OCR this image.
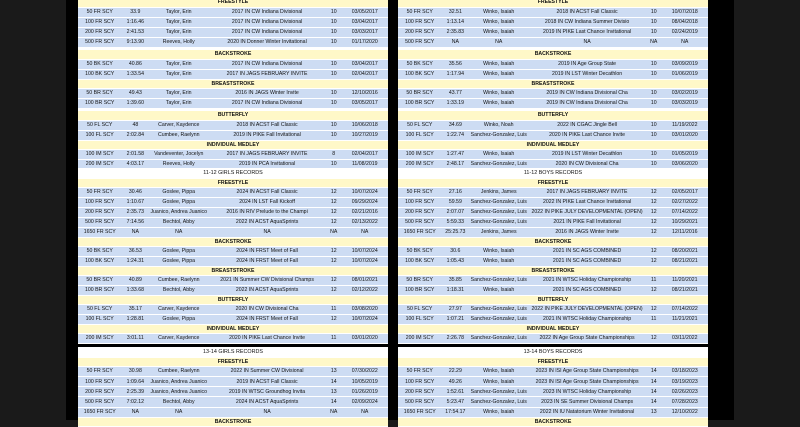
FREESTYLE					
50 FR SCY	33.9	Taylor, Erin	2017 IN CW Indiana Divisional	10	03/05/2017
100 FR SCY	1:16.46	Taylor, Erin	2017 IN CW Indiana Divisional	10	03/04/2017
200 FR SCY	2:41.53	Taylor, Erin	2017 IN CW Indiana Divisional	10	03/03/2017
500 FR SCY	9:13.90	Reeves, Holly	2020 IN Donner Winter Invitational	10	01/17/2020

BACKSTROKE					
50 BK SCY	40.86	Taylor, Erin	2017 IN CW Indiana Divisional	10	03/04/2017
100 BK SCY	1:33.54	Taylor, Erin	2017 IN JAGS FEBRUARY INVITE	10	02/04/2017
BREASTSTROKE					
50 BR SCY	49.43	Taylor, Erin	2016 IN JAGS Winter Invite	10	12/10/2016
100 BR SCY	1:39.60	Taylor, Erin	2017 IN CW Indiana Divisional	10	03/05/2017

BUTTERFLY					
50 FL SCY	48	Carver, Kaydence	2018 IN ACST Fall Classic	10	10/06/2018
100 FL SCY	2:02.84	Cumbee, Raelynn	2019 IN PIKE Fall Invitational	10	10/27/2019
INDIVIDUAL MEDLEY					
100 IM SCY	2:01.58	Vandeventer, Jocelyn	2017 IN JAGS FEBRUARY INVITE	8	02/04/2017
200 IM SCY	4:03.17	Reeves, Holly	2019 IN PCA Invitational	10	11/08/2019
FREESTYLE					
50 FR SCY	32.51	Winko, Isaiah	2018 IN ACST Fall Classic	10	10/07/2018
100 FR SCY	1:13.14	Winko, Isaiah	2018 IN CW Indiana Summer Divisio	10	08/04/2018
200 FR SCY	2:35.83	Winko, Isaiah	2019 IN PIKE Last Chance Invitational	10	02/24/2019
500 FR SCY	NA	NA	NA	NA	NA

BACKSTROKE					
50 BK SCY	35.56	Winko, Isaiah	2019 IN Age Group State	10	03/09/2019
100 BK SCY	1:17.94	Winko, Isaiah	2019 IN LST Winter Decathlon	10	01/06/2019
BREASTSTROKE					
50 BR SCY	43.77	Winko, Isaiah	2019 IN CW Indiana Divisional Cha	10	03/02/2019
100 BR SCY	1:33.19	Winko, Isaiah	2019 IN CW Indiana Divisional Cha	10	03/03/2019

BUTTERFLY					
50 FL SCY	34.69	Winko, Noah	2022 IN CGAC Jingle Bell	10	11/19/2022
100 FL SCY	1:22.74	Sanchez-Gonzalez, Luis	2020 IN PIKE Last Chance Invite	10	03/01/2020
INDIVIDUAL MEDLEY					
100 IM SCY	1:27.47	Winko, Isaiah	2019 IN LST Winter Decathlon	10	01/05/2019
200 IM SCY	2:48.17	Sanchez-Gonzalez, Luis	2020 IN CW Divisional Cha	10	03/06/2020
11-12 GIRLS RECORDS					
FREESTYLE					
50 FR SCY	30.46	Goslee, Pippa	2024 IN ACST Fall Classic	12	10/07/2024
100 FR SCY	1:10.67	Goslee, Pippa	2024 IN LST Fall Kickoff	12	09/29/2024
200 FR SCY	2:35.73	Juanico, Andrea Juanico	2016 IN RIV Prelude to the Champi	12	02/21/2016
500 FR SCY	7:14.56	Bechtol, Abby	2022 IN ACST AquaSprints	12	02/13/2022
1650 FR SCY	NA	NA	NA	NA	NA
BACKSTROKE					
50 BK SCY	36.53	Goslee, Pippa	2024 IN FRST Meet of Fall	12	10/07/2024
100 BK SCY	1:24.31	Goslee, Pippa	2024 IN FRST Meet of Fall	12	10/07/2024
BREASTSTROKE					
50 BR SCY	40.89	Cumbee, Raelynn	2021 IN Summer CW Divisional Champs	12	08/01/2021
100 BR SCY	1:33.68	Bechtol, Abby	2022 IN ACST AquaSprints	12	02/12/2022
BUTTERFLY					
50 FL SCY	35.17	Carver, Kaydence	2020 IN CW Divisional Cha	11	03/08/2020
100 FL SCY	1:28.81	Goslee, Pippa	2024 IN FRST Meet of Fall	12	10/07/2024
INDIVIDUAL MEDLEY					
200 IM SCY	3:01.11	Carver, Kaydence	2020 IN PIKE Last Chance Invite	11	03/01/2020
11-12 BOYS RECORDS					
FREESTYLE					
50 FR SCY	27.16	Jenkins, James	2017 IN JAGS FEBRUARY INVITE	12	02/05/2017
100 FR SCY	59.59	Sanchez-Gonzalez, Luis	2022 IN PIKE Last Chance Invitational	12	02/27/2022
200 FR SCY	2:07.07	Sanchez-Gonzalez, Luis	2022 IN PIKE JULY DEVELOPMENTAL (OPEN)	12	07/14/2022
500 FR SCY	5:59.33	Sanchez-Gonzalez, Luis	2021 IN PIKE Fall Invitational	12	10/29/2021
1650 FR SCY	25:25.73	Jenkins, James	2016 IN JAGS Winter Invite	12	12/11/2016
BACKSTROKE					
50 BK SCY	30.6	Winko, Isaiah	2021 IN SC AGS COMBINED	12	08/20/2021
100 BK SCY	1:05.43	Winko, Isaiah	2021 IN SC AGS COMBINED	12	08/21/2021
BREASTSTROKE					
50 BR SCY	35.85	Sanchez-Gonzalez, Luis	2021 IN WTSC Holiday Championship	11	11/20/2021
100 BR SCY	1:18.31	Winko, Isaiah	2021 IN SC AGS COMBINED	12	08/21/2021
BUTTERFLY					
50 FL SCY	27.97	Sanchez-Gonzalez, Luis	2022 IN PIKE JULY DEVELOPMENTAL (OPEN)	12	07/14/2022
100 FL SCY	1:07.21	Sanchez-Gonzalez, Luis	2021 IN WTSC Holiday Championship	11	11/21/2021
INDIVIDUAL MEDLEY					
200 IM SCY	2:26.78	Sanchez-Gonzalez, Luis	2022 IN Age Group State Championships	12	03/11/2022
13-14 GIRLS RECORDS					
FREESTYLE					
50 FR SCY	30.98	Cumbee, Raelynn	2022 IN Summer CW Divisional	13	07/30/2022
100 FR SCY	1:09.64	Juanico, Andrea Juanico	2019 IN ACST Fall Classic	14	10/05/2019
200 FR SCY	2:25.39	Juanico, Andrea Juanico	2019 IN WTSC Groundhog Invita	13	01/26/2019
500 FR SCY	7:02.12	Bechtol, Abby	2024 IN ACST AquaSprints	14	02/09/2024
1650 FR SCY	NA	NA	NA	NA	NA
BACKSTROKE					
13-14 BOYS RECORDS					
FREESTYLE					
50 FR SCY	22.29	Winko, Isaiah	2023 IN ISI Age Group State Championships	14	03/18/2023
100 FR SCY	49.26	Winko, Isaiah	2023 IN ISI Age Group State Championships	14	03/19/2023
200 FR SCY	1:52.61	Sanchez-Gonzalez, Luis	2023 IN WTSC Holiday Championship	14	02/26/2023
500 FR SCY	5:23.47	Sanchez-Gonzalez, Luis	2023 IN SE Summer Divisional Champs	14	07/28/2023
1650 FR SCY	17:54.17	Winko, Isaiah	2022 IN IU Natatorium Winter Invitational	13	12/10/2022
BACKSTROKE					
